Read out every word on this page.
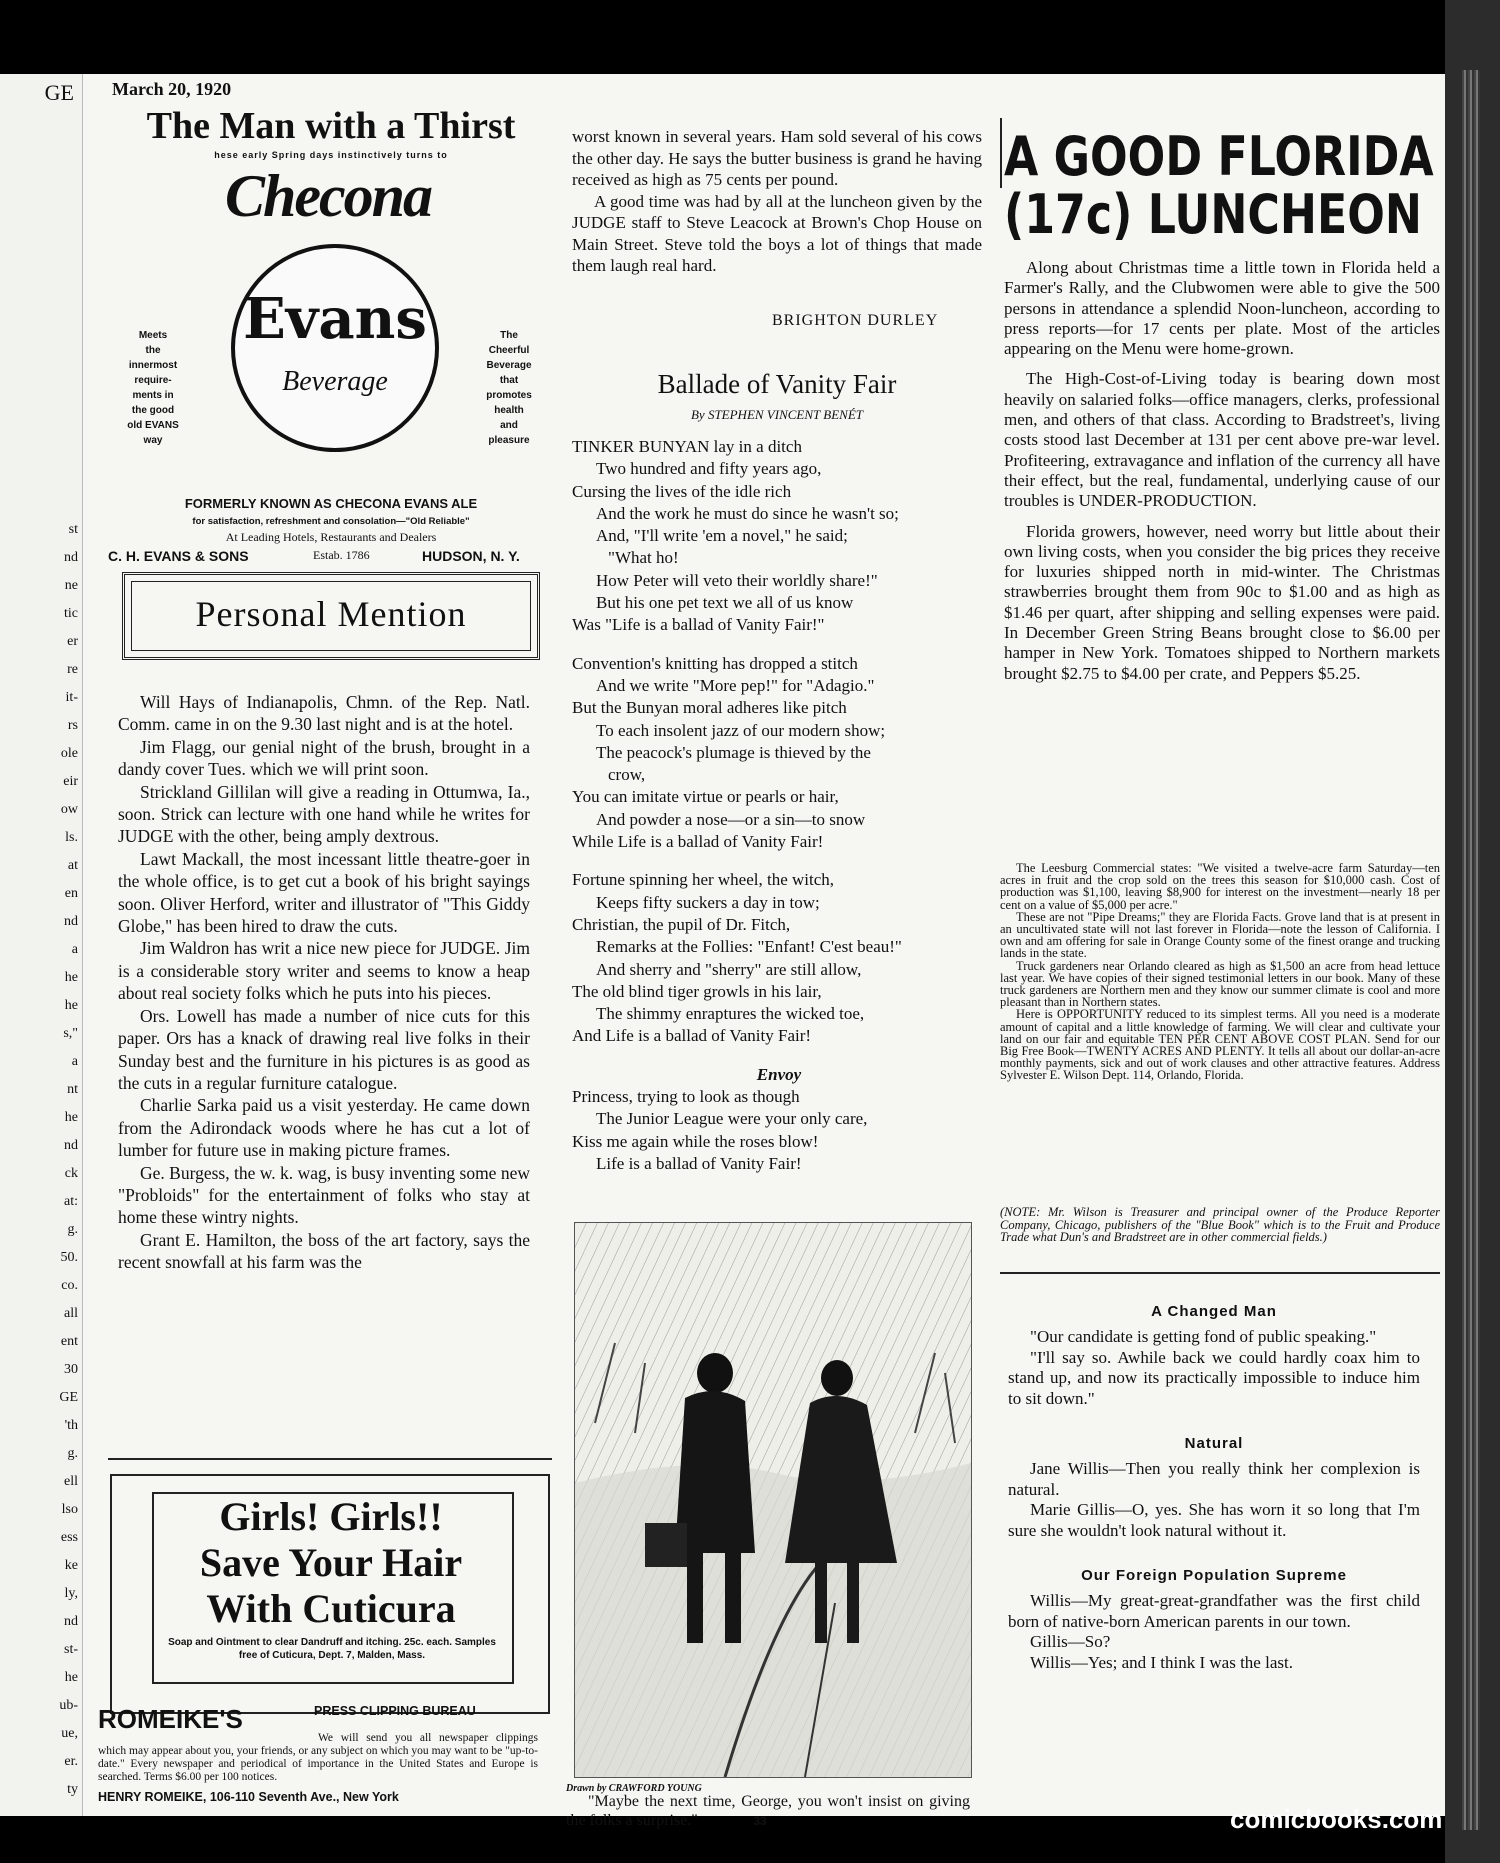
GE
st
nd
ne
tic
er
re
it-
rs
ole
eir
ow
ls.
at
en
nd
a
he
he
s,"
a
nt
he
nd
ck
at:
g.
50.
co.
all
ent
30
GE
'th
g.
ell
lso
ess
ke
ly,
nd
st-
he
ub-
ue,
er.
ty
March 20, 1920
The Man with a Thirst
hese early Spring days instinctively turns to
Checona
Evans
Beverage
Meets
the
innermost
require-
ments in
the good
old EVANS
way
The
Cheerful
Beverage
that
promotes
health
and
pleasure
FORMERLY KNOWN AS CHECONA EVANS ALE
for satisfaction, refreshment and consolation—"Old Reliable"
At Leading Hotels, Restaurants and Dealers
C. H. EVANS & SONS	Estab. 1786	HUDSON, N. Y.
Personal Mention

Will Hays of Indianapolis, Chmn. of the Rep. Natl. Comm. came in on the 9.30 last night and is at the hotel.

Jim Flagg, our genial night of the brush, brought in a dandy cover Tues. which we will print soon.

Strickland Gillilan will give a reading in Ottumwa, Ia., soon. Strick can lecture with one hand while he writes for JUDGE with the other, being amply dextrous.

Lawt Mackall, the most incessant little theatre-goer in the whole office, is to get cut a book of his bright sayings soon. Oliver Herford, writer and illustrator of "This Giddy Globe," has been hired to draw the cuts.

Jim Waldron has writ a nice new piece for JUDGE. Jim is a considerable story writer and seems to know a heap about real society folks which he puts into his pieces.

Ors. Lowell has made a number of nice cuts for this paper. Ors has a knack of drawing real live folks in their Sunday best and the furniture in his pictures is as good as the cuts in a regular furniture catalogue.

Charlie Sarka paid us a visit yesterday. He came down from the Adirondack woods where he has cut a lot of lumber for future use in making picture frames.

Ge. Burgess, the w. k. wag, is busy inventing some new "Probloids" for the entertainment of folks who stay at home these wintry nights.

Grant E. Hamilton, the boss of the art factory, says the recent snowfall at his farm was the

Girls! Girls!!
Save Your Hair
With Cuticura
Soap and Ointment to clear Dandruff and itching. 25c. each. Samples free of Cuticura, Dept. 7, Malden, Mass.
ROMEIKE'S	PRESS CLIPPING BUREAU
We will send you all newspaper clippings which may appear about you, your friends, or any subject on which you may want to be "up-to-date." Every newspaper and periodical of importance in the United States and Europe is searched. Terms $6.00 per 100 notices.
HENRY ROMEIKE, 106-110 Seventh Ave., New York

worst known in several years. Ham sold several of his cows the other day. He says the butter business is grand he having received as high as 75 cents per pound.

A good time was had by all at the luncheon given by the JUDGE staff to Steve Leacock at Brown's Chop House on Main Street. Steve told the boys a lot of things that made them laugh real hard.

BRIGHTON DURLEY
Ballade of Vanity Fair
By STEPHEN VINCENT BENÉT

TINKER BUNYAN lay in a ditch

Two hundred and fifty years ago,

Cursing the lives of the idle rich

And the work he must do since he wasn't so;

And, "I'll write 'em a novel," he said;

"What ho!

How Peter will veto their worldly share!"

But his one pet text we all of us know

Was "Life is a ballad of Vanity Fair!"

Convention's knitting has dropped a stitch

And we write "More pep!" for "Adagio."

But the Bunyan moral adheres like pitch

To each insolent jazz of our modern show;

The peacock's plumage is thieved by the

crow,

You can imitate virtue or pearls or hair,

And powder a nose—or a sin—to snow

While Life is a ballad of Vanity Fair!

Fortune spinning her wheel, the witch,

Keeps fifty suckers a day in tow;

Christian, the pupil of Dr. Fitch,

Remarks at the Follies: "Enfant! C'est beau!"

And sherry and "sherry" are still allow,

The old blind tiger growls in his lair,

The shimmy enraptures the wicked toe,

And Life is a ballad of Vanity Fair!

Envoy

Princess, trying to look as though

The Junior League were your only care,

Kiss me again while the roses blow!

Life is a ballad of Vanity Fair!

Drawn by CRAWFORD YOUNG
"Maybe the next time, George, you won't insist on giving the folks a surprise."
A GOOD FLORIDA
(17c) LUNCHEON

Along about Christmas time a little town in Florida held a Farmer's Rally, and the Clubwomen were able to give the 500 persons in attendance a splendid Noon-luncheon, according to press reports—for 17 cents per plate. Most of the articles appearing on the Menu were home-grown.

The High-Cost-of-Living today is bearing down most heavily on salaried folks—office managers, clerks, professional men, and others of that class. According to Bradstreet's, living costs stood last December at 131 per cent above pre-war level. Profiteering, extravagance and inflation of the currency all have their effect, but the real, fundamental, underlying cause of our troubles is UNDER-PRODUCTION.

Florida growers, however, need worry but little about their own living costs, when you consider the big prices they receive for luxuries shipped north in mid-winter. The Christmas strawberries brought them from 90c to $1.00 and as high as $1.46 per quart, after shipping and selling expenses were paid. In December Green String Beans brought close to $6.00 per hamper in New York. Tomatoes shipped to Northern markets brought $2.75 to $4.00 per crate, and Peppers $5.25.

The Leesburg Commercial states: "We visited a twelve-acre farm Saturday—ten acres in fruit and the crop sold on the trees this season for $10,000 cash. Cost of production was $1,100, leaving $8,900 for interest on the investment—nearly 18 per cent on a value of $5,000 per acre."

These are not "Pipe Dreams;" they are Florida Facts. Grove land that is at present in an uncultivated state will not last forever in Florida—note the lesson of California. I own and am offering for sale in Orange County some of the finest orange and trucking lands in the state.

Truck gardeners near Orlando cleared as high as $1,500 an acre from head lettuce last year. We have copies of their signed testimonial letters in our book. Many of these truck gardeners are Northern men and they know our summer climate is cool and more pleasant than in Northern states.

Here is OPPORTUNITY reduced to its simplest terms. All you need is a moderate amount of capital and a little knowledge of farming. We will clear and cultivate your land on our fair and equitable TEN PER CENT ABOVE COST PLAN. Send for our Big Free Book—TWENTY ACRES AND PLENTY. It tells all about our dollar-an-acre monthly payments, sick and out of work clauses and other attractive features. Address Sylvester E. Wilson Dept. 114, Orlando, Florida.

(NOTE: Mr. Wilson is Treasurer and principal owner of the Produce Reporter Company, Chicago, publishers of the "Blue Book" which is to the Fruit and Produce Trade what Dun's and Bradstreet are in other commercial fields.)
A Changed Man

"Our candidate is getting fond of public speaking."

"I'll say so. Awhile back we could hardly coax him to stand up, and now its practically impossible to induce him to sit down."

Natural

Jane Willis—Then you really think her complexion is natural.

Marie Gillis—O, yes. She has worn it so long that I'm sure she wouldn't look natural without it.

Our Foreign Population Supreme

Willis—My great-great-grandfather was the first child born of native-born American parents in our town.

Gillis—So?

Willis—Yes; and I think I was the last.

33	comicbooks.com
